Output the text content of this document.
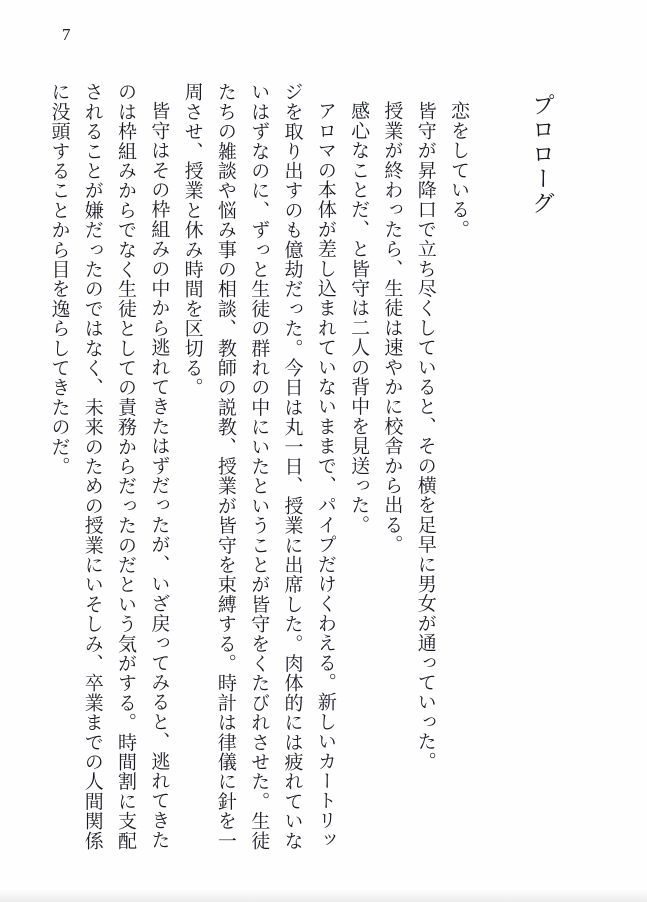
7
プロローグ

恋をしている。

皆守が昇降口で立ち尽くしていると、その横を足早に男女が通っていった。

授業が終わったら、生徒は速やかに校舎から出る。

感心なことだ、と皆守は二人の背中を見送った。

アロマの本体が差し込まれていないままで、パイプだけくわえる。新しいカートリッジを取り出すのも億劫だった。今日は丸一日、授業に出席した。肉体的には疲れていないはずなのに、ずっと生徒の群れの中にいたということが皆守をくたびれさせた。生徒たちの雑談や悩み事の相談、教師の説教、授業が皆守を束縛する。時計は律儀に針を一周させ、授業と休み時間を区切る。

皆守はその枠組みの中から逃れてきたはずだったが、いざ戻ってみると、逃れてきたのは枠組みからでなく生徒としての責務からだったのだという気がする。時間割に支配されることが嫌だったのではなく、未来のための授業にいそしみ、卒業までの人間関係に没頭することから目を逸らしてきたのだ。
